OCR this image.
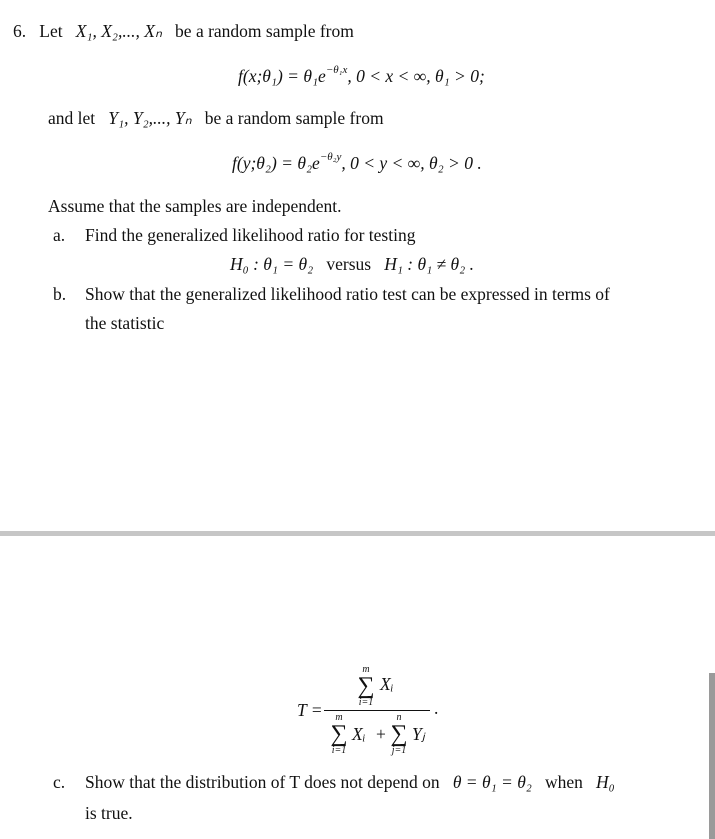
6. Let X₁, X₂,..., Xₙ be a random sample from
f(x;θ₁) = $\theta_1e^{-\theta_1x}$, 0 < x < ∞, θ₁ > 0;
and let Y₁, Y₂,..., Yₙ be a random sample from
f(y;θ₂) = $\theta_2e^{-\theta_2y}$, 0 < y < ∞, θ₂ > 0 .
Assume that the samples are independent.
a. Find the generalized likelihood ratio for testing
H₀ : θ₁ = θ₂ versus H₁ : θ₁ ≠ θ₂ .
b. Show that the generalized likelihood ratio test can be expressed in terms of
the statistic
T =
m
∑
i=1
Xᵢ
.
m
∑
i=1
Xᵢ +
n
∑
j=1
Yⱼ
c. Show that the distribution of T does not depend on θ = θ₁ = θ₂ when H₀
is true.
